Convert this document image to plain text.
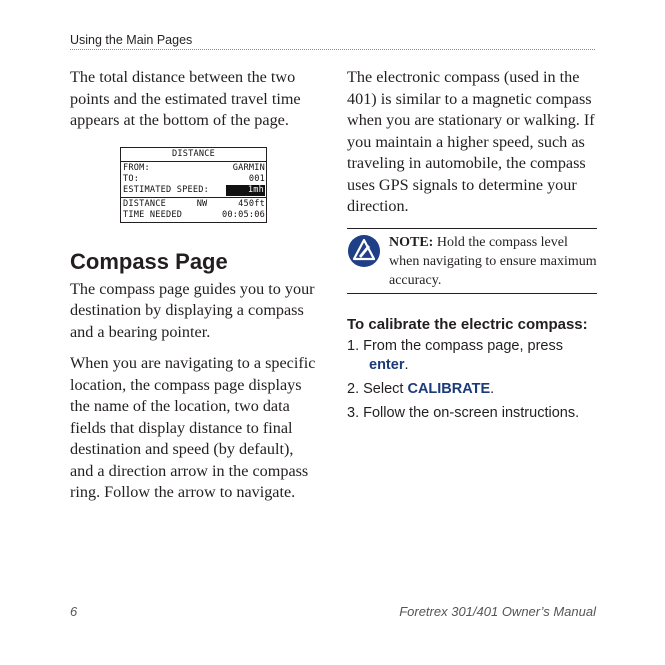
Using the Main Pages

The total distance between the two points and the estimated travel time appears at the bottom of the page.

DISTANCE
FROM:	GARMIN
TO:	001
ESTIMATED SPEED:	1mh
DISTANCE	NW	450ft
TIME NEEDED	00:05:06
Compass Page

The compass page guides you to your destination by displaying a compass and a bearing pointer.

When you are navigating to a specific location, the compass page displays the name of the location, two data fields that display distance to final destination and speed (by default), and a direction arrow in the compass ring. Follow the arrow to navigate.

The electronic compass (used in the 401) is similar to a magnetic compass when you are stationary or walking. If you maintain a higher speed, such as traveling in automobile, the compass uses GPS signals to determine your direction.

NOTE: Hold the compass level when navigating to ensure maximum accuracy.
To calibrate the electric compass:
1. From the compass page, press
enter.
2. Select CALIBRATE.
3. Follow the on-screen instructions.
6	Foretrex 301/401 Owner’s Manual
